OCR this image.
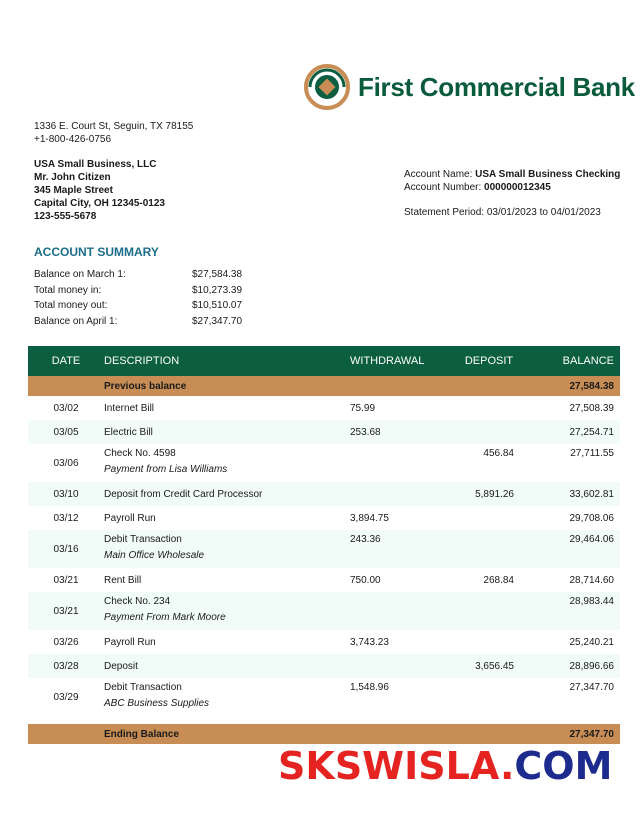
First Commercial Bank
1336 E. Court St, Seguin, TX 78155
+1-800-426-0756
USA Small Business, LLC
Mr. John Citizen
345 Maple Street
Capital City, OH 12345-0123
123-555-5678
Account Name: USA Small Business Checking
Account Number: 000000012345
Statement Period: 03/01/2023 to 04/01/2023
ACCOUNT SUMMARY
Balance on March 1:	$27,584.38
Total money in:	$10,273.39
Total money out:	$10,510.07
Balance on April 1:	$27,347.70
DATE	DESCRIPTION	WITHDRAWAL	DEPOSIT	BALANCE
	Previous balance			27,584.38
03/02	Internet Bill	75.99		27,508.39
03/05	Electric Bill	253.68		27,254.71
03/06	Check No. 4598
Payment from Lisa Williams		456.84	27,711.55
03/10	Deposit from Credit Card Processor		5,891.26	33,602.81
03/12	Payroll Run	3,894.75		29,708.06
03/16	Debit Transaction
Main Office Wholesale	243.36		29,464.06
03/21	Rent Bill	750.00	268.84	28,714.60
03/21	Check No. 234
Payment From Mark Moore			28,983.44
03/26	Payroll Run	3,743.23		25,240.21
03/28	Deposit		3,656.45	28,896.66
03/29	Debit Transaction
ABC Business Supplies	1,548.96		27,347.70

	Ending Balance			27,347.70
SKSWISLA.COM
